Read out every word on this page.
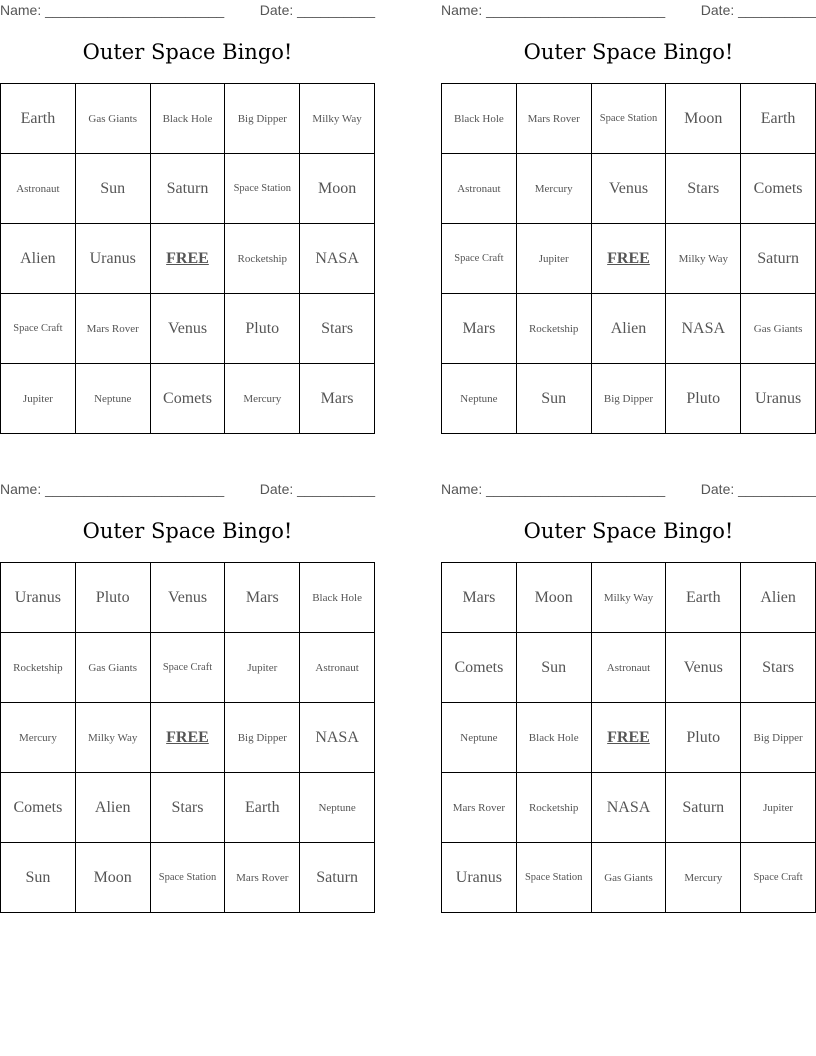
Name: _______________________	Date: __________
Outer Space Bingo!
Earth	Gas Giants	Black Hole	Big Dipper	Milky Way
Astronaut	Sun	Saturn	Space Station	Moon
Alien	Uranus	FREE	Rocketship	NASA
Space Craft	Mars Rover	Venus	Pluto	Stars
Jupiter	Neptune	Comets	Mercury	Mars
Name: _______________________	Date: __________
Outer Space Bingo!
Black Hole	Mars Rover	Space Station	Moon	Earth
Astronaut	Mercury	Venus	Stars	Comets
Space Craft	Jupiter	FREE	Milky Way	Saturn
Mars	Rocketship	Alien	NASA	Gas Giants
Neptune	Sun	Big Dipper	Pluto	Uranus
Name: _______________________	Date: __________
Outer Space Bingo!
Uranus	Pluto	Venus	Mars	Black Hole
Rocketship	Gas Giants	Space Craft	Jupiter	Astronaut
Mercury	Milky Way	FREE	Big Dipper	NASA
Comets	Alien	Stars	Earth	Neptune
Sun	Moon	Space Station	Mars Rover	Saturn
Name: _______________________	Date: __________
Outer Space Bingo!
Mars	Moon	Milky Way	Earth	Alien
Comets	Sun	Astronaut	Venus	Stars
Neptune	Black Hole	FREE	Pluto	Big Dipper
Mars Rover	Rocketship	NASA	Saturn	Jupiter
Uranus	Space Station	Gas Giants	Mercury	Space Craft
